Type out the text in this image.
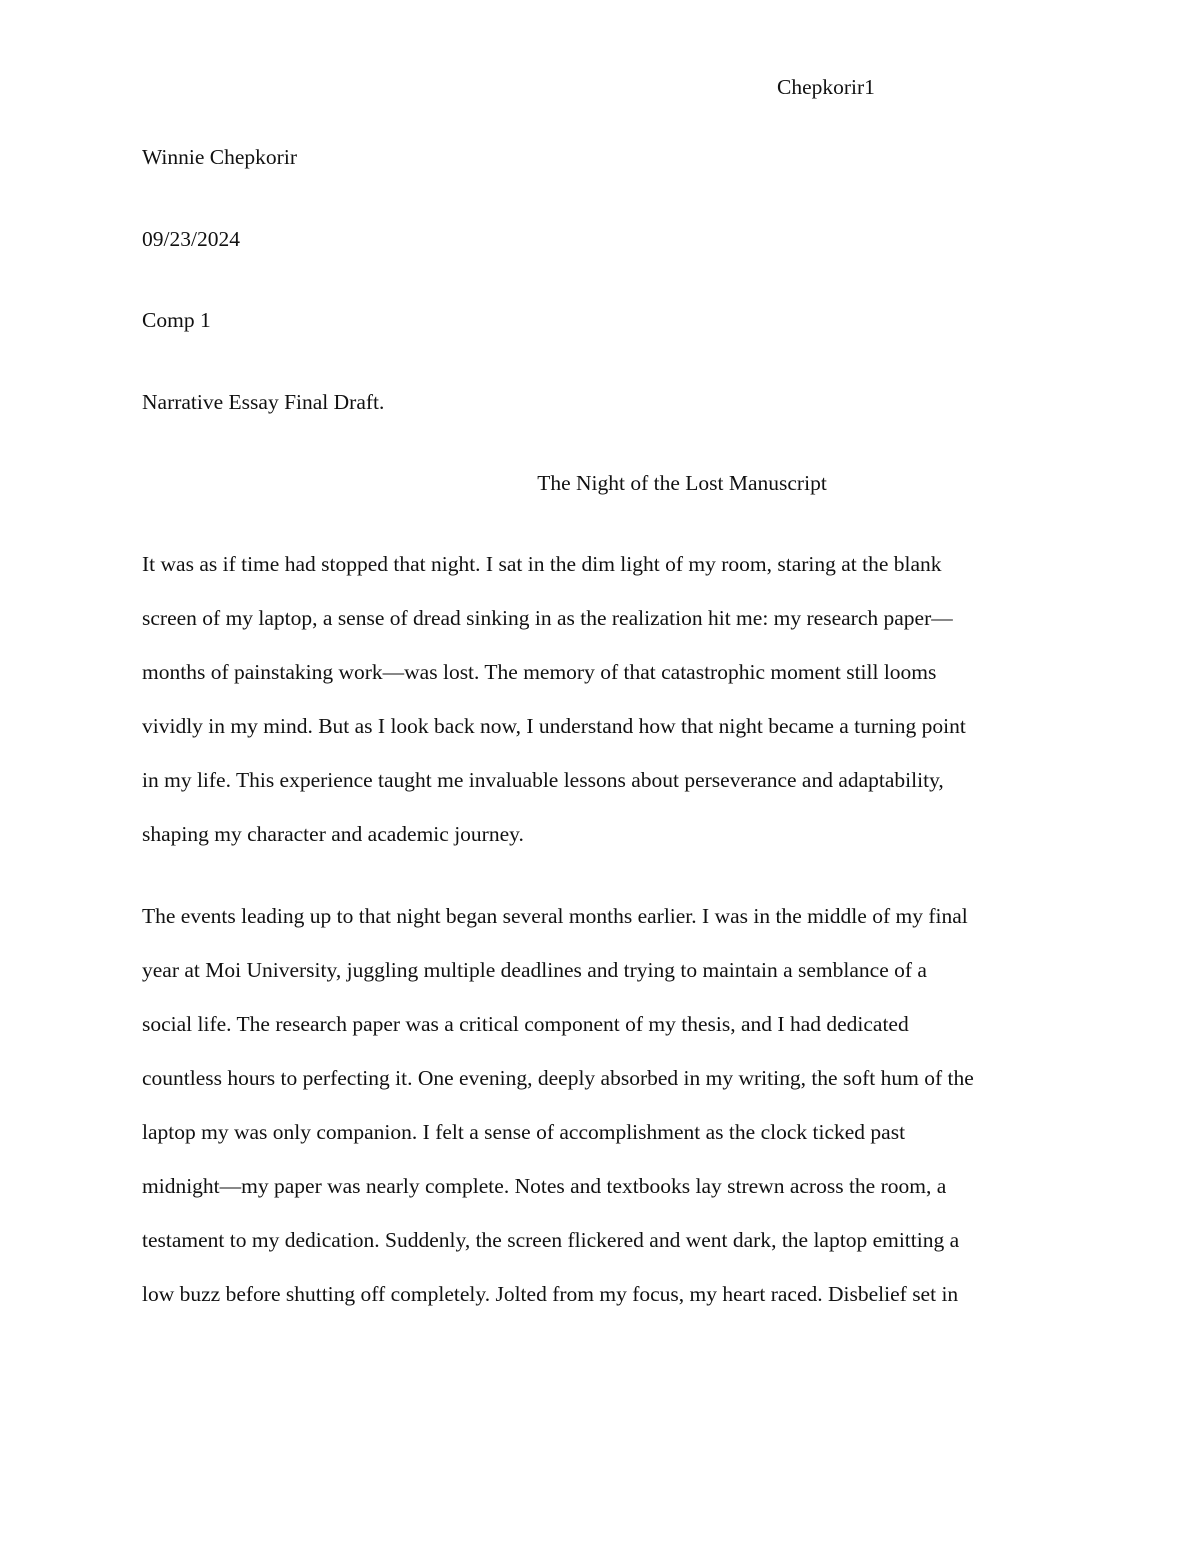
Chepkorir1
Winnie Chepkorir
09/23/2024
Comp 1
Narrative Essay Final Draft.
The Night of the Lost Manuscript
It was as if time had stopped that night. I sat in the dim light of my room, staring at the blank
screen of my laptop, a sense of dread sinking in as the realization hit me: my research paper—
months of painstaking work—was lost. The memory of that catastrophic moment still looms
vividly in my mind. But as I look back now, I understand how that night became a turning point
in my life. This experience taught me invaluable lessons about perseverance and adaptability,
shaping my character and academic journey.
The events leading up to that night began several months earlier. I was in the middle of my final
year at Moi University, juggling multiple deadlines and trying to maintain a semblance of a
social life. The research paper was a critical component of my thesis, and I had dedicated
countless hours to perfecting it. One evening, deeply absorbed in my writing, the soft hum of the
laptop my was only companion. I felt a sense of accomplishment as the clock ticked past
midnight—my paper was nearly complete. Notes and textbooks lay strewn across the room, a
testament to my dedication. Suddenly, the screen flickered and went dark, the laptop emitting a
low buzz before shutting off completely. Jolted from my focus, my heart raced. Disbelief set in
